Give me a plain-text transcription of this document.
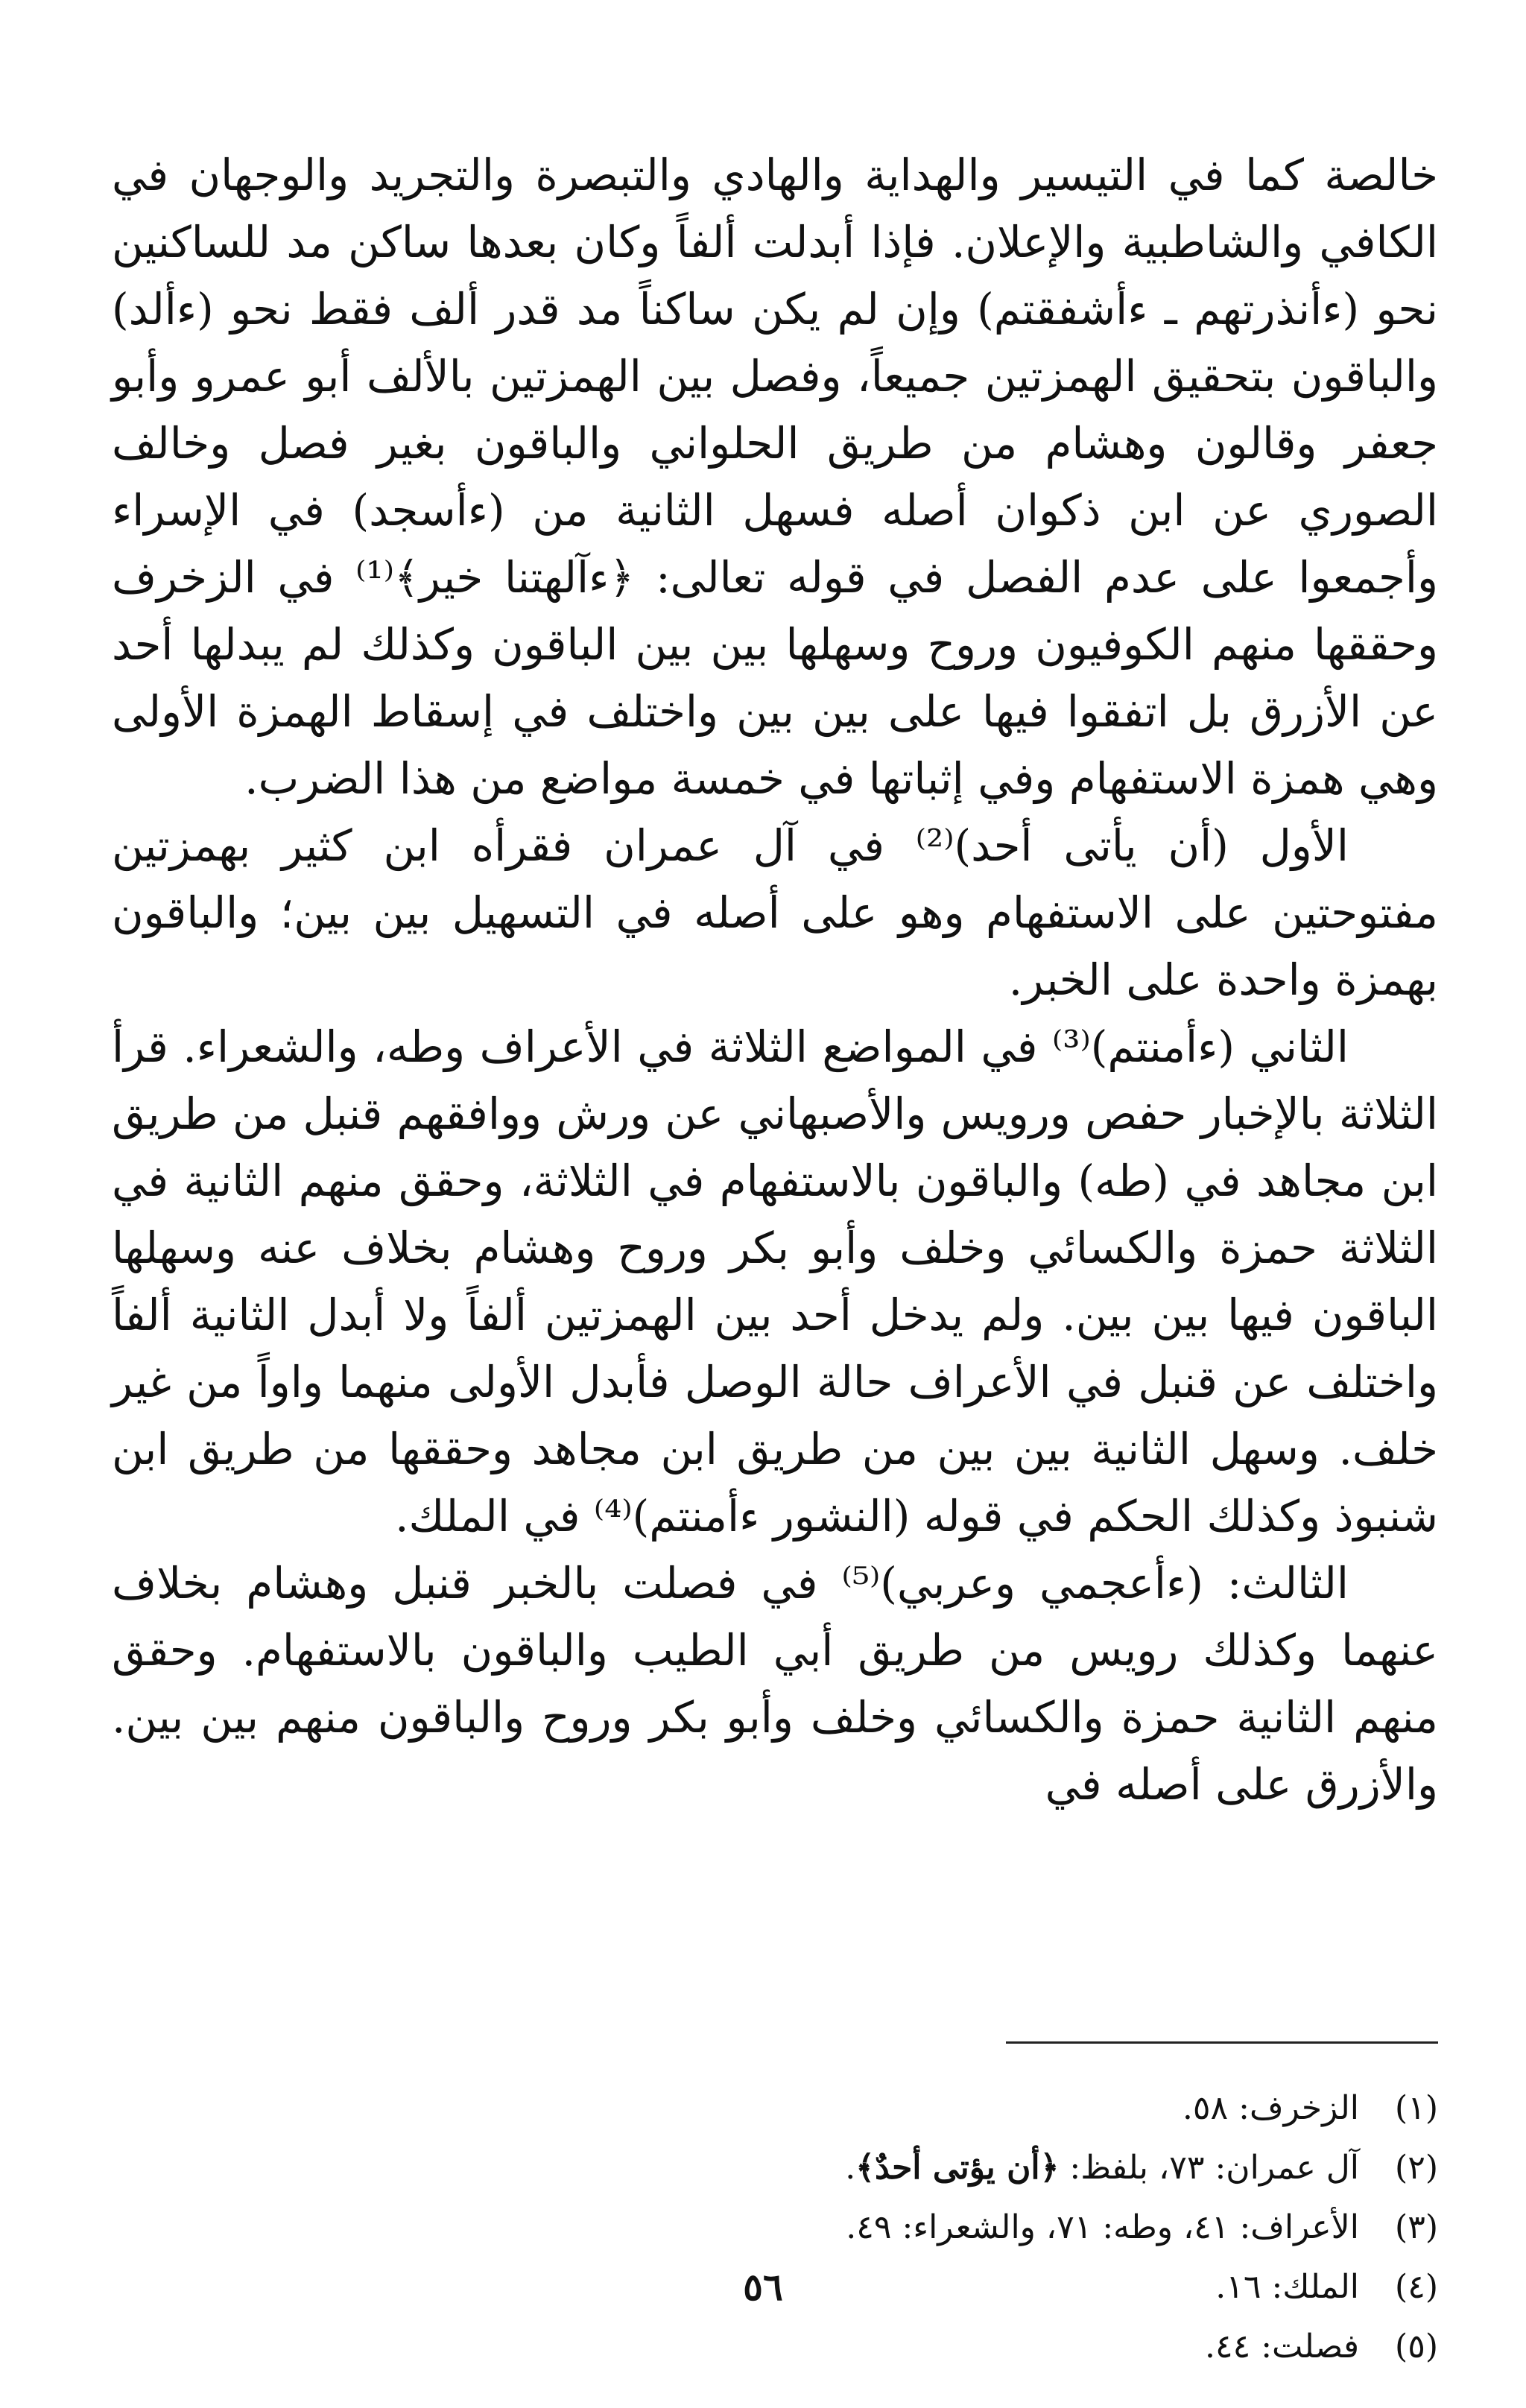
خالصة كما في التيسير والهداية والهادي والتبصرة والتجريد والوجهان في الكافي والشاطبية والإعلان. فإذا أبدلت ألفاً وكان بعدها ساكن مد للساكنين نحو (ءأنذرتهم ـ ءأشفقتم) وإن لم يكن ساكناً مد قدر ألف فقط نحو (ءألد) والباقون بتحقيق الهمزتين جميعاً، وفصل بين الهمزتين بالألف أبو عمرو وأبو جعفر وقالون وهشام من طريق الحلواني والباقون بغير فصل وخالف الصوري عن ابن ذكوان أصله فسهل الثانية من (ءأسجد) في الإسراء وأجمعوا على عدم الفصل في قوله تعالى: ﴿ءآلهتنا خير﴾⁽¹⁾ في الزخرف وحققها منهم الكوفيون وروح وسهلها بين بين الباقون وكذلك لم يبدلها أحد عن الأزرق بل اتفقوا فيها على بين بين واختلف في إسقاط الهمزة الأولى وهي همزة الاستفهام وفي إثباتها في خمسة مواضع من هذا الضرب.

الأول (أن يأتى أحد)⁽²⁾ في آل عمران فقرأه ابن كثير بهمزتين مفتوحتين على الاستفهام وهو على أصله في التسهيل بين بين؛ والباقون بهمزة واحدة على الخبر.

الثاني (ءأمنتم)⁽³⁾ في المواضع الثلاثة في الأعراف وطه، والشعراء. قرأ الثلاثة بالإخبار حفص ورويس والأصبهاني عن ورش ووافقهم قنبل من طريق ابن مجاهد في (طه) والباقون بالاستفهام في الثلاثة، وحقق منهم الثانية في الثلاثة حمزة والكسائي وخلف وأبو بكر وروح وهشام بخلاف عنه وسهلها الباقون فيها بين بين. ولم يدخل أحد بين الهمزتين ألفاً ولا أبدل الثانية ألفاً واختلف عن قنبل في الأعراف حالة الوصل فأبدل الأولى منهما واواً من غير خلف. وسهل الثانية بين بين من طريق ابن مجاهد وحققها من طريق ابن شنبوذ وكذلك الحكم في قوله (النشور ءأمنتم)⁽⁴⁾ في الملك.

الثالث: (ءأعجمي وعربي)⁽⁵⁾ في فصلت بالخبر قنبل وهشام بخلاف عنهما وكذلك رويس من طريق أبي الطيب والباقون بالاستفهام. وحقق منهم الثانية حمزة والكسائي وخلف وأبو بكر وروح والباقون منهم بين بين. والأزرق على أصله في

(١)
الزخرف: ٥٨.
(٢)
آل عمران: ٧٣، بلفظ: ﴿أن يؤتى أحدٌ﴾.
(٣)
الأعراف: ٤١، وطه: ٧١، والشعراء: ٤٩.
(٤)
الملك: ١٦.
(٥)
فصلت: ٤٤.
٥٦
